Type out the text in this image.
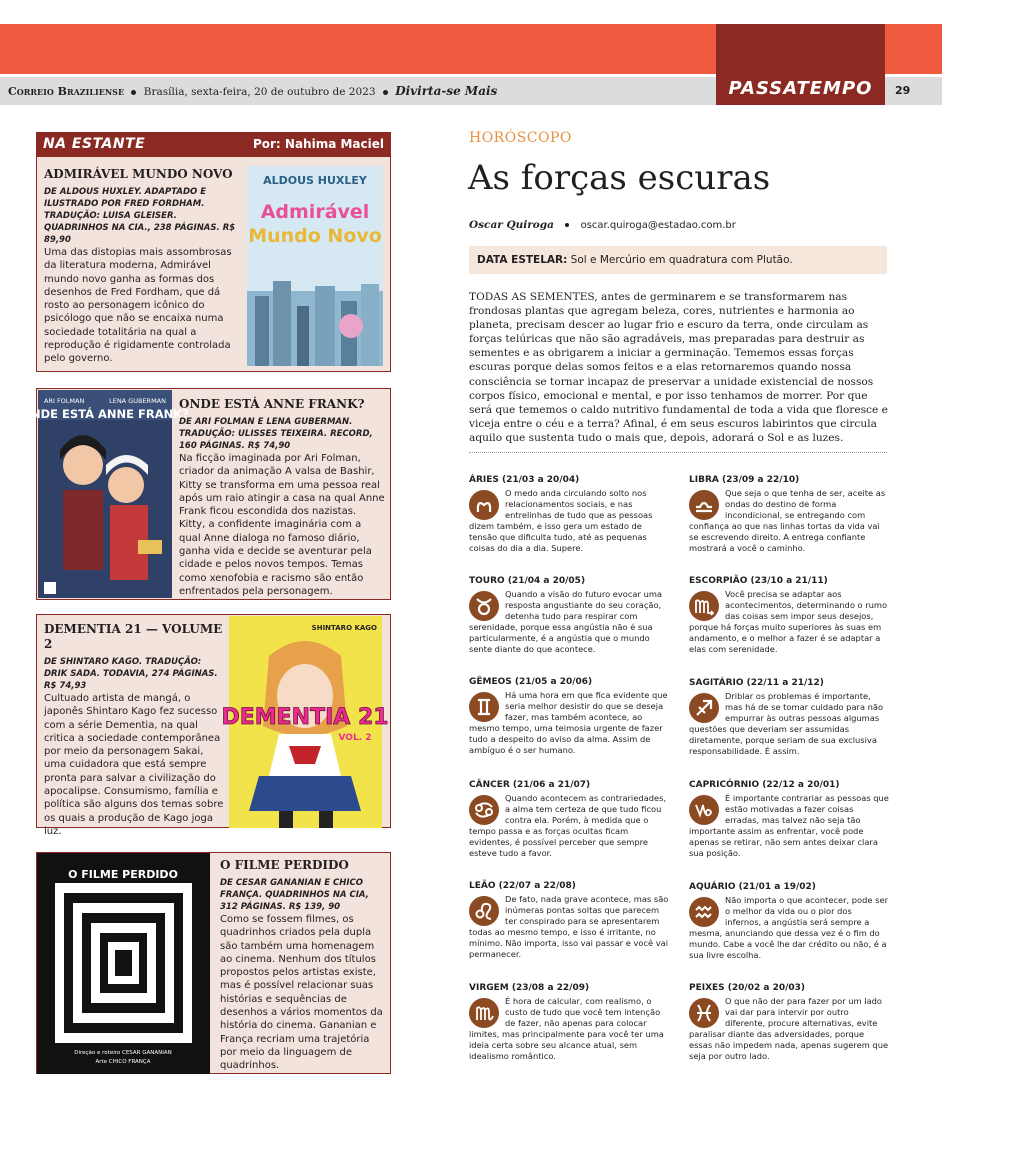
Correio Braziliense Brasília, sexta-feira, 20 de outubro de 2023 Divirta-se Mais	PASSATEMPO	29
NA ESTANTE	Por: Nahima Maciel
ADMIRÁVEL MUNDO NOVO
DE ALDOUS HUXLEY. ADAPTADO E ILUSTRADO POR FRED FORDHAM. TRADUÇÃO: LUISA GLEISER. QUADRINHOS NA CIA., 238 PÁGINAS. R$ 89,90
Uma das distopias mais assombrosas da literatura moderna, Admirável mundo novo ganha as formas dos desenhos de Fred Fordham, que dá rosto ao personagem icônico do psicólogo que não se encaixa numa sociedade totalitária na qual a reprodução é rigidamente controlada pelo governo.
ALDOUS HUXLEY
Admirável
Mundo Novo
ARI FOLMAN	LENA GUBERMAN
ONDE ESTÁ ANNE FRANK?
ONDE ESTÁ ANNE FRANK?
DE ARI FOLMAN E LENA GUBERMAN. TRADUÇÃO: ULISSES TEIXEIRA. RECORD, 160 PÁGINAS. R$ 74,90
Na ficção imaginada por Ari Folman, criador da animação A valsa de Bashir, Kitty se transforma em uma pessoa real após um raio atingir a casa na qual Anne Frank ficou escondida dos nazistas. Kitty, a confidente imaginária com a qual Anne dialoga no famoso diário, ganha vida e decide se aventurar pela cidade e pelos novos tempos. Temas como xenofobia e racismo são então enfrentados pela personagem.
DEMENTIA 21 — VOLUME 2
DE SHINTARO KAGO. TRADUÇÃO: DRIK SADA. TODAVIA, 274 PÁGINAS. R$ 74,93
Cultuado artista de mangá, o japonês Shintaro Kago fez sucesso com a série Dementia, na qual critica a sociedade contemporânea por meio da personagem Sakai, uma cuidadora que está sempre pronta para salvar a civilização do apocalipse. Consumismo, família e política são alguns dos temas sobre os quais a produção de Kago joga luz.
SHINTARO KAGO
DEMENTIA 21
VOL. 2
O FILME PERDIDO
Direção e roteiro CESAR GANANIAN
Arte CHICO FRANÇA
O FILME PERDIDO
DE CESAR GANANIAN E CHICO FRANÇA. QUADRINHOS NA CIA, 312 PÁGINAS. R$ 139, 90
Como se fossem filmes, os quadrinhos criados pela dupla são também uma homenagem ao cinema. Nenhum dos títulos propostos pelos artistas existe, mas é possível relacionar suas histórias e sequências de desenhos a vários momentos da história do cinema. Gananian e França recriam uma trajetória por meio da linguagem de quadrinhos.
HORÓSCOPO
As forças escuras
Oscar Quiroga	oscar.quiroga@estadao.com.br
DATA ESTELAR: Sol e Mercúrio em quadratura com Plutão.
TODAS AS SEMENTES, antes de germinarem e se transformarem nas frondosas plantas que agregam beleza, cores, nutrientes e harmonia ao planeta, precisam descer ao lugar frio e escuro da terra, onde circulam as forças telúricas que não são agradáveis, mas preparadas para destruir as sementes e as obrigarem a iniciar a germinação. Tememos essas forças escuras porque delas somos feitos e a elas retornaremos quando nossa consciência se tornar incapaz de preservar a unidade existencial de nossos corpos físico, emocional e mental, e por isso tenhamos de morrer. Por que será que tememos o caldo nutritivo fundamental de toda a vida que floresce e viceja entre o céu e a terra? Afinal, é em seus escuros labirintos que circula aquilo que sustenta tudo o mais que, depois, adorará o Sol e as luzes.
ÁRIES (21/03 a 20/04)
O medo anda circulando solto nos relacionamentos sociais, e nas entrelinhas de tudo que as pessoas dizem também, e isso gera um estado de tensão que dificulta tudo, até as pequenas coisas do dia a dia. Supere.
TOURO (21/04 a 20/05)
Quando a visão do futuro evocar uma resposta angustiante do seu coração, detenha tudo para respirar com serenidade, porque essa angústia não é sua particularmente, é a angústia que o mundo sente diante do que acontece.
GÊMEOS (21/05 a 20/06)
Há uma hora em que fica evidente que seria melhor desistir do que se deseja fazer, mas também acontece, ao mesmo tempo, uma teimosia urgente de fazer tudo a despeito do aviso da alma. Assim de ambíguo é o ser humano.
CÂNCER (21/06 a 21/07)
Quando acontecem as contrariedades, a alma tem certeza de que tudo ficou contra ela. Porém, à medida que o tempo passa e as forças ocultas ficam evidentes, é possível perceber que sempre esteve tudo a favor.
LEÃO (22/07 a 22/08)
De fato, nada grave acontece, mas são inúmeras pontas soltas que parecem ter conspirado para se apresentarem todas ao mesmo tempo, e isso é irritante, no mínimo. Não importa, isso vai passar e você vai permanecer.
VIRGEM (23/08 a 22/09)
É hora de calcular, com realismo, o custo de tudo que você tem intenção de fazer, não apenas para colocar limites, mas principalmente para você ter uma ideia certa sobre seu alcance atual, sem idealismo romântico.
LIBRA (23/09 a 22/10)
Que seja o que tenha de ser, aceite as ondas do destino de forma incondicional, se entregando com confiança ao que nas linhas tortas da vida vai se escrevendo direito. A entrega confiante mostrará a você o caminho.
ESCORPIÃO (23/10 a 21/11)
Você precisa se adaptar aos acontecimentos, determinando o rumo das coisas sem impor seus desejos, porque há forças muito superiores às suas em andamento, e o melhor a fazer é se adaptar a elas com serenidade.
SAGITÁRIO (22/11 a 21/12)
Driblar os problemas é importante, mas há de se tomar cuidado para não empurrar às outras pessoas algumas questões que deveriam ser assumidas diretamente, porque seriam de sua exclusiva responsabilidade. É assim.
CAPRICÓRNIO (22/12 a 20/01)
É importante contrariar as pessoas que estão motivadas a fazer coisas erradas, mas talvez não seja tão importante assim as enfrentar, você pode apenas se retirar, não sem antes deixar clara sua posição.
AQUÁRIO (21/01 a 19/02)
Não importa o que acontecer, pode ser o melhor da vida ou o pior dos infernos, a angústia será sempre a mesma, anunciando que dessa vez é o fim do mundo. Cabe a você lhe dar crédito ou não, é a sua livre escolha.
PEIXES (20/02 a 20/03)
O que não der para fazer por um lado vai dar para intervir por outro diferente, procure alternativas, evite paralisar diante das adversidades, porque essas não impedem nada, apenas sugerem que seja por outro lado.
